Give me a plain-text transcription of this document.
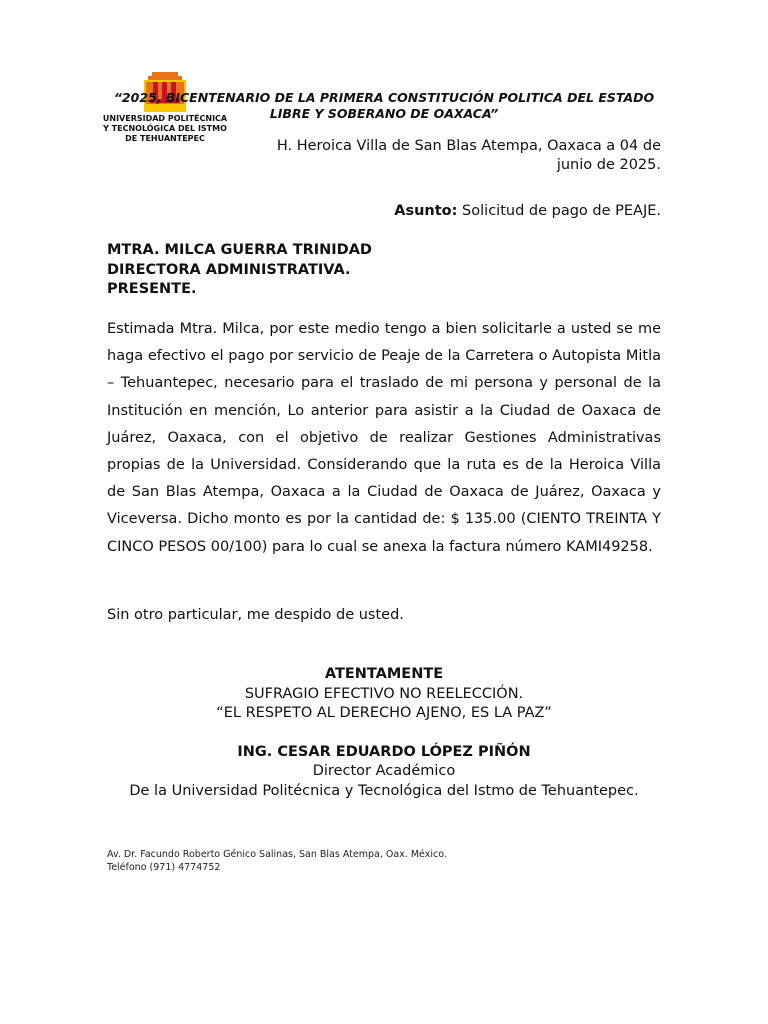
UNIVERSIDAD POLITÉCNICA
Y TECNOLÓGICA DEL ISTMO
DE TEHUANTEPEC
“2025, BICENTENARIO DE LA PRIMERA CONSTITUCIÓN POLITICA DEL ESTADO
LIBRE Y SOBERANO DE OAXACA”
H. Heroica Villa de San Blas Atempa, Oaxaca a 04 de
junio de 2025.
Asunto: Solicitud de pago de PEAJE.
MTRA. MILCA GUERRA TRINIDAD
DIRECTORA ADMINISTRATIVA.
PRESENTE.
Estimada Mtra. Milca, por este medio tengo a bien solicitarle a usted se me haga efectivo el pago por servicio de Peaje de la Carretera o Autopista Mitla – Tehuantepec, necesario para el traslado de mi persona y personal de la Institución en mención, Lo anterior para asistir a la Ciudad de Oaxaca de Juárez, Oaxaca, con el objetivo de realizar Gestiones Administrativas propias de la Universidad. Considerando que la ruta es de la Heroica Villa de San Blas Atempa, Oaxaca a la Ciudad de Oaxaca de Juárez, Oaxaca y Viceversa. Dicho monto es por la cantidad de: $ 135.00 (CIENTO TREINTA Y CINCO PESOS 00/100) para lo cual se anexa la factura número KAMI49258.
Sin otro particular, me despido de usted.
ATENTAMENTE
SUFRAGIO EFECTIVO NO REELECCIÓN.
“EL RESPETO AL DERECHO AJENO, ES LA PAZ”
ING. CESAR EDUARDO LÓPEZ PIÑÓN
Director Académico
De la Universidad Politécnica y Tecnológica del Istmo de Tehuantepec.
Av. Dr. Facundo Roberto Génico Salinas, San Blas Atempa, Oax. México.
Teléfono (971) 4774752
